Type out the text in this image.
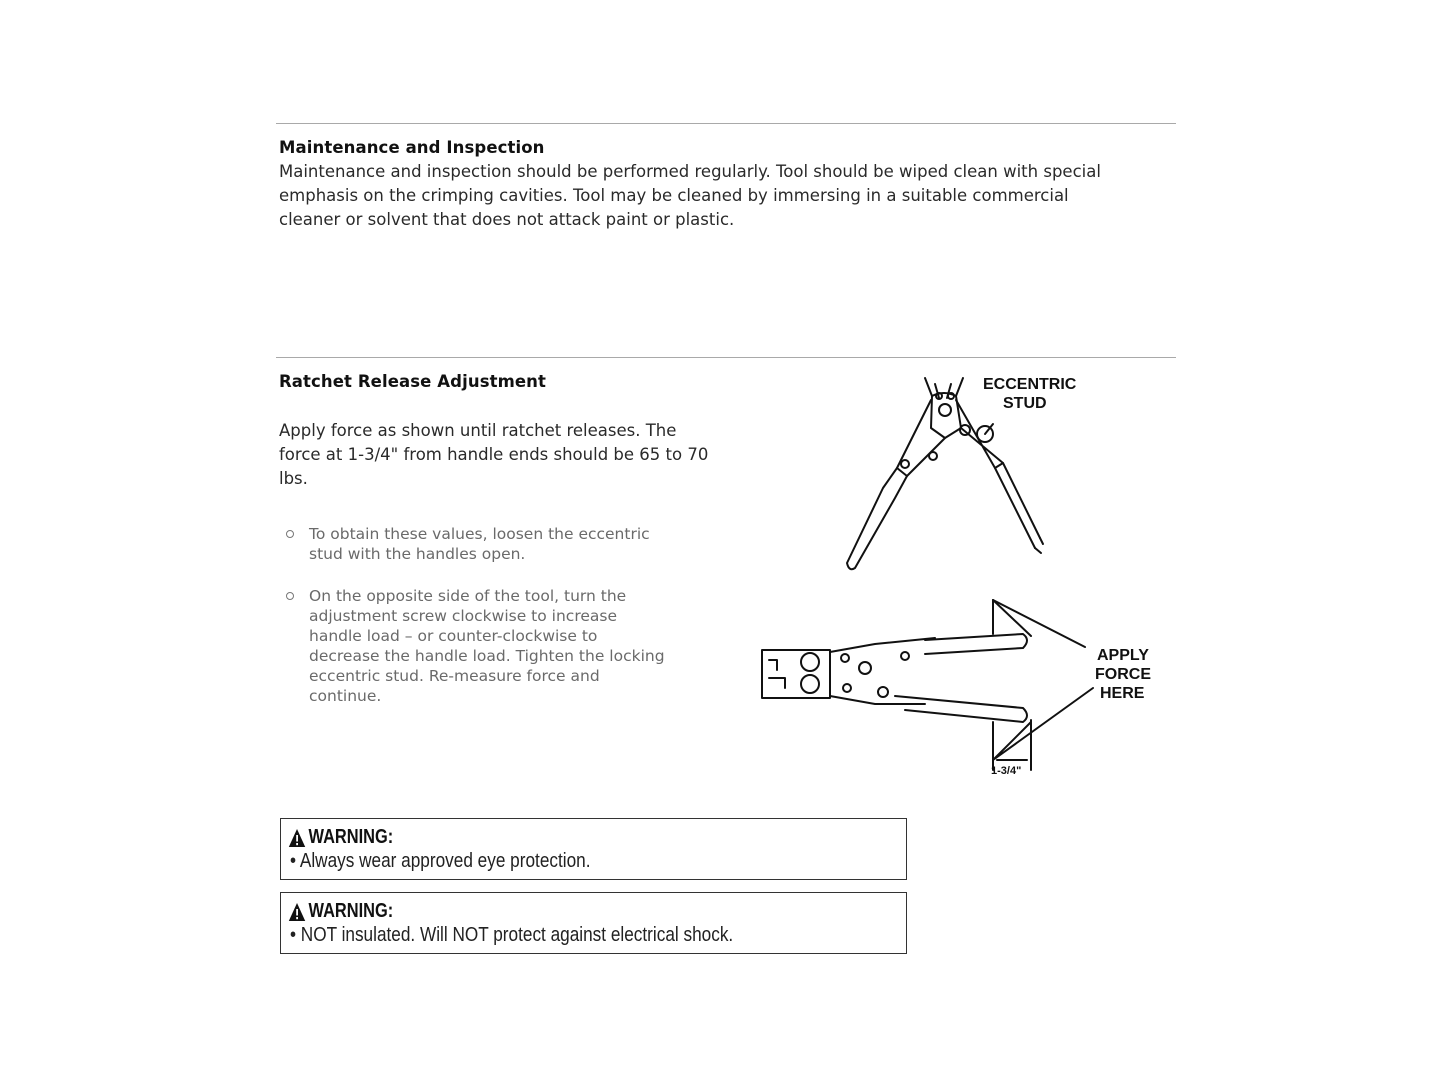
Maintenance and Inspection
Maintenance and inspection should be performed regularly. Tool should be wiped clean with special
emphasis on the crimping cavities. Tool may be cleaned by immersing in a suitable commercial
cleaner or solvent that does not attack paint or plastic.
Ratchet Release Adjustment
Apply force as shown until ratchet releases. The
force at 1-3/4" from handle ends should be 65 to 70
lbs.
To obtain these values, loosen the eccentric
stud with the handles open.
On the opposite side of the tool, turn the
adjustment screw clockwise to increase
handle load – or counter-clockwise to
decrease the handle load. Tighten the locking
eccentric stud. Re-measure force and
continue.
ECCENTRIC
STUD
APPLY
FORCE
HERE
1-3/4"
WARNING:
• Always wear approved eye protection.
WARNING:
• NOT insulated. Will NOT protect against electrical shock.
